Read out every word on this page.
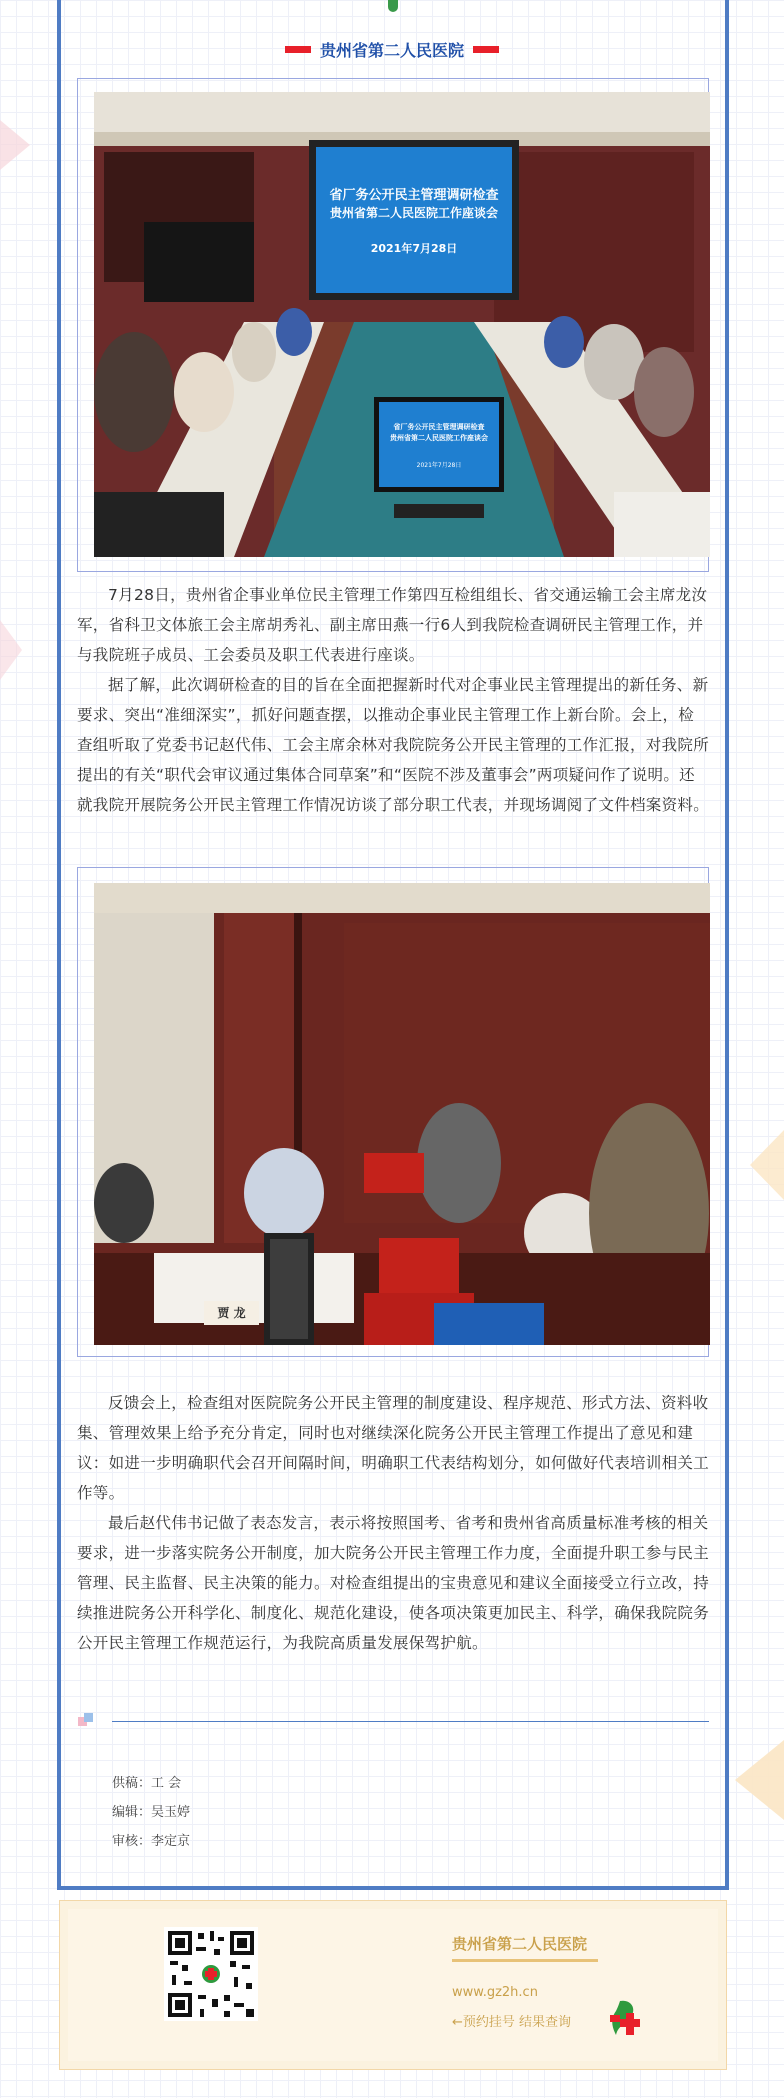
贵州省第二人民医院
省厂务公开民主管理调研检查
贵州省第二人民医院工作座谈会
2021年7月28日
省厂务公开民主管理调研检查
贵州省第二人民医院工作座谈会
2021年7月28日

7月28日，贵州省企事业单位民主管理工作第四互检组组长、省交通运输工会主席龙汝军，省科卫文体旅工会主席胡秀礼、副主席田燕一行6人到我院检查调研民主管理工作，并与我院班子成员、工会委员及职工代表进行座谈。

据了解，此次调研检查的目的旨在全面把握新时代对企事业民主管理提出的新任务、新要求、突出“准细深实”，抓好问题查摆，以推动企事业民主管理工作上新台阶。会上，检查组听取了党委书记赵代伟、工会主席余林对我院院务公开民主管理的工作汇报，对我院所提出的有关“职代会审议通过集体合同草案”和“医院不涉及董事会”两项疑问作了说明。还就我院开展院务公开民主管理工作情况访谈了部分职工代表，并现场调阅了文件档案资料。

贾 龙

反馈会上，检查组对医院院务公开民主管理的制度建设、程序规范、形式方法、资料收集、管理效果上给予充分肯定，同时也对继续深化院务公开民主管理工作提出了意见和建议：如进一步明确职代会召开间隔时间，明确职工代表结构划分，如何做好代表培训相关工作等。

最后赵代伟书记做了表态发言，表示将按照国考、省考和贵州省高质量标准考核的相关要求，进一步落实院务公开制度，加大院务公开民主管理工作力度，全面提升职工参与民主管理、民主监督、民主决策的能力。对检查组提出的宝贵意见和建议全面接受立行立改，持续推进院务公开科学化、制度化、规范化建设，使各项决策更加民主、科学，确保我院院务公开民主管理工作规范运行，为我院高质量发展保驾护航。

供稿：工 会
编辑：吴玉婷
审核：李定京
贵州省第二人民医院
www.gz2h.cn
←预约挂号 结果查询
